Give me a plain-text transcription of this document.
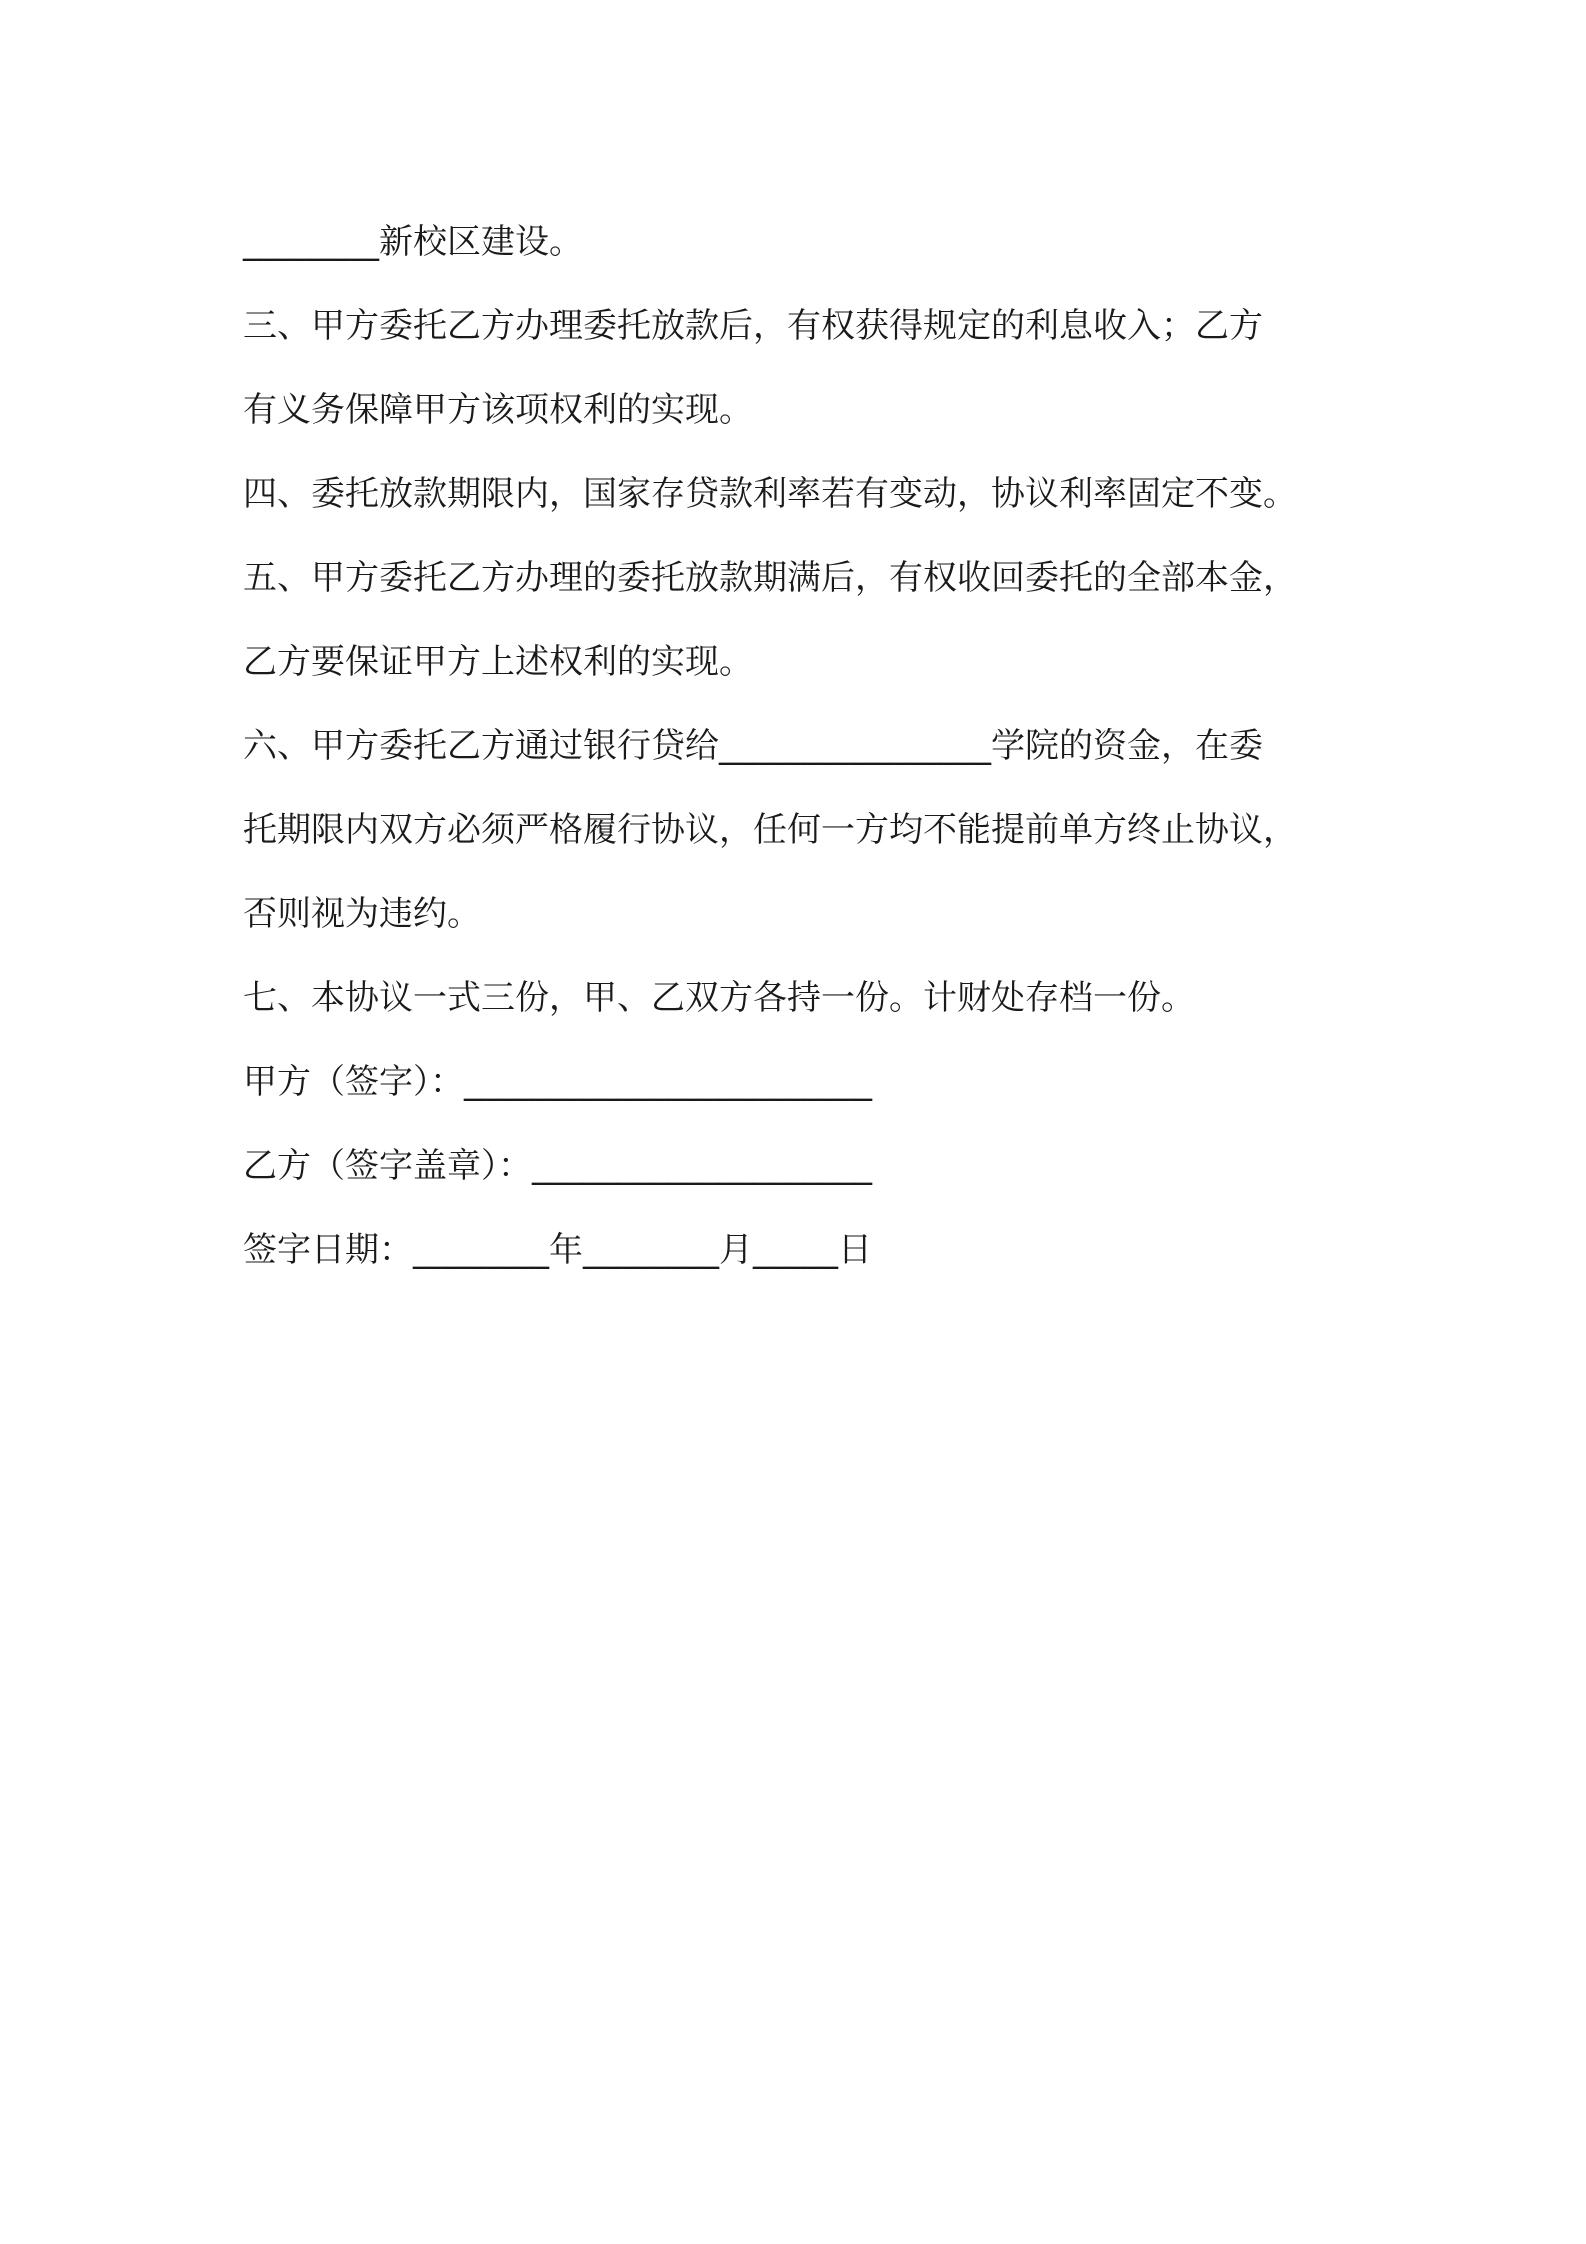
________新校区建设。
三、甲方委托乙方办理委托放款后，有权获得规定的利息收入；乙方
有义务保障甲方该项权利的实现。
四、委托放款期限内，国家存贷款利率若有变动，协议利率固定不变。
五、甲方委托乙方办理的委托放款期满后，有权收回委托的全部本金，
乙方要保证甲方上述权利的实现。
六、甲方委托乙方通过银行贷给________________学院的资金，在委
托期限内双方必须严格履行协议，任何一方均不能提前单方终止协议，
否则视为违约。
七、本协议一式三份，甲、乙双方各持一份。计财处存档一份。
甲方（签字）：________________________
乙方（签字盖章）：____________________
签字日期：________年________月_____日
